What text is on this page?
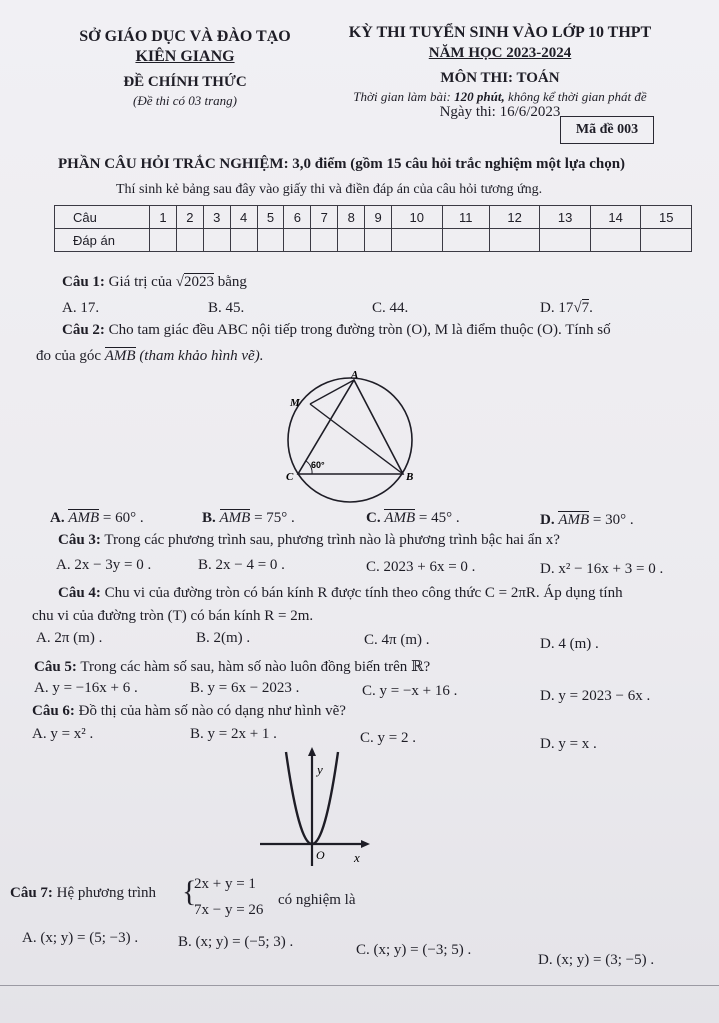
SỞ GIÁO DỤC VÀ ĐÀO TẠO
KIÊN GIANG
ĐỀ CHÍNH THỨC
(Đề thi có 03 trang)
KỲ THI TUYỂN SINH VÀO LỚP 10 THPT
NĂM HỌC 2023-2024
MÔN THI: TOÁN
Thời gian làm bài: 120 phút, không kể thời gian phát đề
Ngày thi: 16/6/2023
Mã đề 003
PHẦN CÂU HỎI TRẮC NGHIỆM: 3,0 điểm (gồm 15 câu hỏi trắc nghiệm một lựa chọn)
Thí sinh kẻ bảng sau đây vào giấy thi và điền đáp án của câu hỏi tương ứng.
Câu	1	2	3	4	5	6	7	8	9	10	11	12	13	14	15
Đáp án															
Câu 1: Giá trị của √2023 bằng
A. 17.	B. 45.	C. 44.	D. 17√7.
Câu 2: Cho tam giác đều ABC nội tiếp trong đường tròn (O), M là điểm thuộc (O). Tính số
đo của góc AMB (tham khảo hình vẽ).
A
M
C	B
60°
A. AMB = 60° .	B. AMB = 75° .	C. AMB = 45° .	D. AMB = 30° .
Câu 3: Trong các phương trình sau, phương trình nào là phương trình bậc hai ẩn x?
A. 2x − 3y = 0 .	B. 2x − 4 = 0 .	C. 2023 + 6x = 0 .	D. x² − 16x + 3 = 0 .
Câu 4: Chu vi của đường tròn có bán kính R được tính theo công thức C = 2πR. Áp dụng tính
chu vi của đường tròn (T) có bán kính R = 2m.
A. 2π (m) .	B. 2(m) .	C. 4π (m) .	D. 4 (m) .
Câu 5: Trong các hàm số sau, hàm số nào luôn đồng biến trên ℝ?
A. y = −16x + 6 .	B. y = 6x − 2023 .	C. y = −x + 16 .	D. y = 2023 − 6x .
Câu 6: Đồ thị của hàm số nào có dạng như hình vẽ?
A. y = x² .	B. y = 2x + 1 .	C. y = 2 .	D. y = x .
y
O x
Câu 7: Hệ phương trình {
2x + y = 1
7x − y = 26
có nghiệm là
A. (x; y) = (5; −3) .	B. (x; y) = (−5; 3) .	C. (x; y) = (−3; 5) .
D. (x; y) = (3; −5) .
